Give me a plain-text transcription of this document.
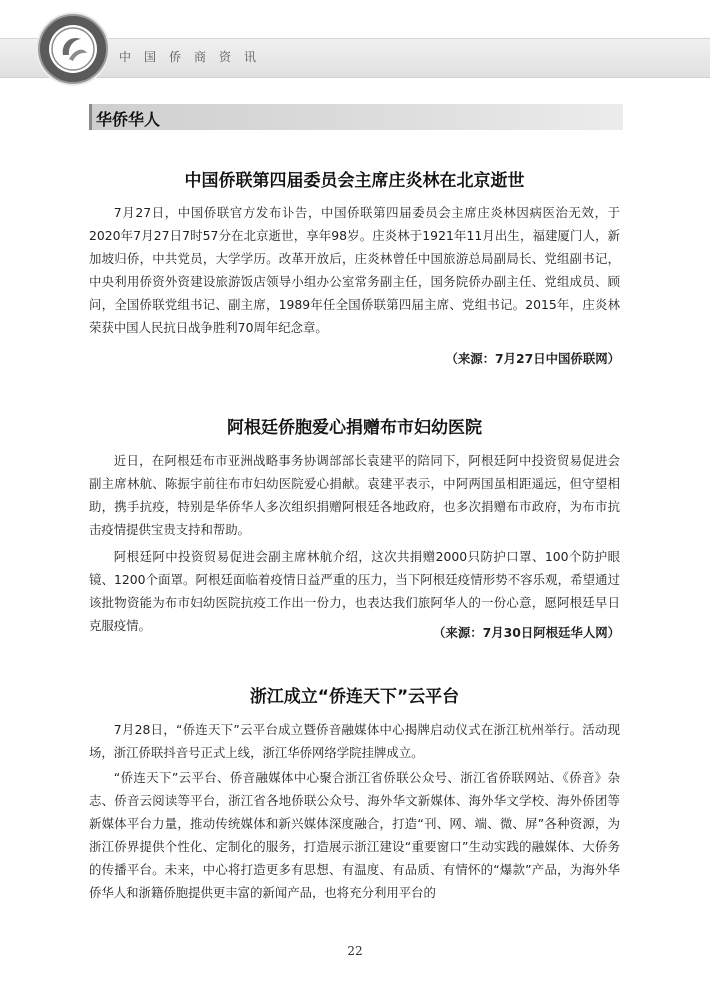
中国侨商资讯
华侨华人
中国侨联第四届委员会主席庄炎林在北京逝世

7月27日，中国侨联官方发布讣告，中国侨联第四届委员会主席庄炎林因病医治无效，于2020年7月27日7时57分在北京逝世，享年98岁。庄炎林于1921年11月出生，福建厦门人，新加坡归侨，中共党员，大学学历。改革开放后，庄炎林曾任中国旅游总局副局长、党组副书记，中央利用侨资外资建设旅游饭店领导小组办公室常务副主任，国务院侨办副主任、党组成员、顾问，全国侨联党组书记、副主席，1989年任全国侨联第四届主席、党组书记。2015年，庄炎林荣获中国人民抗日战争胜利70周年纪念章。

（来源：7月27日中国侨联网）
阿根廷侨胞爱心捐赠布市妇幼医院

近日，在阿根廷布市亚洲战略事务协调部部长袁建平的陪同下，阿根廷阿中投资贸易促进会副主席林航、陈振宇前往布市妇幼医院爱心捐献。袁建平表示，中阿两国虽相距遥远，但守望相助，携手抗疫，特别是华侨华人多次组织捐赠阿根廷各地政府，也多次捐赠布市政府，为布市抗击疫情提供宝贵支持和帮助。

阿根廷阿中投资贸易促进会副主席林航介绍，这次共捐赠2000只防护口罩、100个防护眼镜、1200个面罩。阿根廷面临着疫情日益严重的压力，当下阿根廷疫情形势不容乐观，希望通过该批物资能为布市妇幼医院抗疫工作出一份力，也表达我们旅阿华人的一份心意，愿阿根廷早日克服疫情。	（来源：7月30日阿根廷华人网）
浙江成立“侨连天下”云平台

7月28日，“侨连天下”云平台成立暨侨音融媒体中心揭牌启动仪式在浙江杭州举行。活动现场，浙江侨联抖音号正式上线，浙江华侨网络学院挂牌成立。

“侨连天下”云平台、侨音融媒体中心聚合浙江省侨联公众号、浙江省侨联网站、《侨音》杂志、侨音云阅读等平台，浙江省各地侨联公众号、海外华文新媒体、海外华文学校、海外侨团等新媒体平台力量，推动传统媒体和新兴媒体深度融合，打造“刊、网、端、微、屏”各种资源，为浙江侨界提供个性化、定制化的服务，打造展示浙江建设“重要窗口”生动实践的融媒体、大侨务的传播平台。未来，中心将打造更多有思想、有温度、有品质、有情怀的“爆款”产品，为海外华侨华人和浙籍侨胞提供更丰富的新闻产品，也将充分利用平台的

22
